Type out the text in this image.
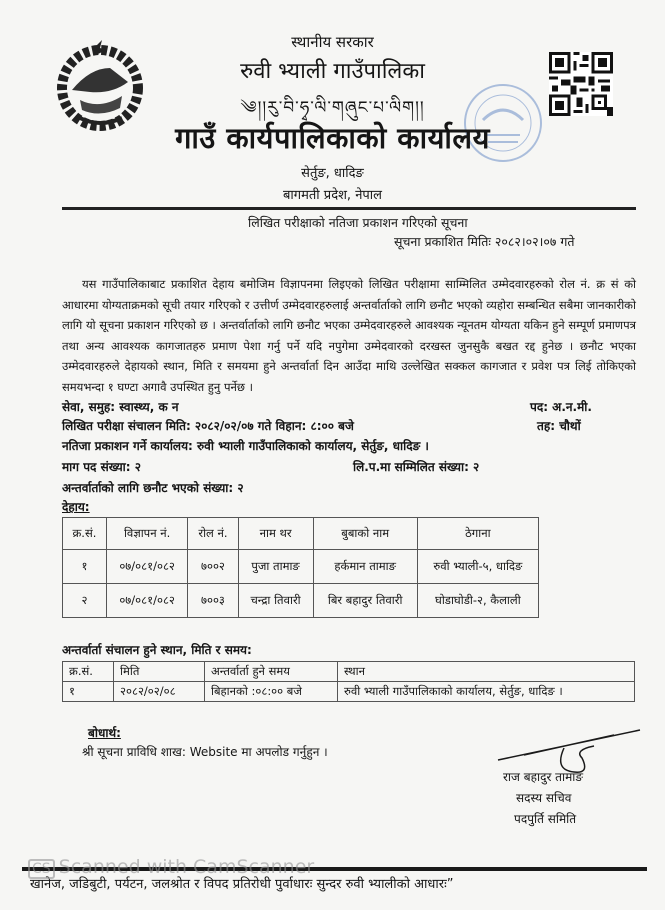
स्थानीय सरकार
रुवी भ्याली गाउँपालिका
༄།།རུ་བི་ཧྭ་ལི་གཞུང་པ་ལིག།།
गाउँ कार्यपालिकाको कार्यालय
सेर्तुङ, धादिङ
बागमती प्रदेश, नेपाल
लिखित परीक्षाको नतिजा प्रकाशन गरिएको सूचना
सूचना प्रकाशित मितिः २०८२।०२।०७ गते
यस गाउँपालिकाबाट प्रकाशित देहाय बमोजिम विज्ञापनमा लिइएको लिखित परीक्षामा साम्मिलित उम्मेदवारहरुको रोल नं. क्र सं को आधारमा योग्यताक्रमको सूची तयार गरिएको र उत्तीर्ण उम्मेदवारहरुलाई अन्तर्वार्ताको लागि छनौट भएको व्यहोरा सम्बन्धित सबैमा जानकारीको लागि यो सूचना प्रकाशन गरिएको छ । अन्तर्वार्ताको लागि छनौट भएका उम्मेदवारहरुले आवश्यक न्यूनतम योग्यता यकिन हुने सम्पूर्ण प्रमाणपत्र तथा अन्य आवश्यक कागजातहरु प्रमाण पेशा गर्नु पर्ने यदि नपुगेमा उम्मेदवारको दरखस्त जुनसुकै बखत रद्द हुनेछ । छनौट भएका उम्मेदवारहरुले देहायको स्थान, मिति र समयमा हुने अन्तर्वार्ता दिन आउँदा माथि उल्लेखित सक्कल कागजात र प्रवेश पत्र लिई तोकिएको समयभन्दा १ घण्टा अगावै उपस्थित हुनु पर्नेछ ।
सेवा, समुह: स्वास्थ्य, क न	पद: अ.न.मी.
लिखित परीक्षा संचालन मिति: २०८२/०२/०७ गते विहान: ८:०० बजे	तह: चौथों
नतिजा प्रकाशन गर्ने कार्यालय: रुवी भ्याली गाउँपालिकाको कार्यालय, सेर्तुङ, धादिङ ।
माग पद संख्या: २	लि.प.मा सम्मिलित संख्या: २
अन्तर्वार्ताको लागि छनौट भएको संख्या: २
देहाय:
क्र.सं.	विज्ञापन नं.	रोल नं.	नाम थर	बुबाको नाम	ठेगाना
१	०७/०८१/०८२	७००२	पुजा तामाङ	हर्कमान तामाङ	रुवी भ्याली-५, धादिङ
२	०७/०८१/०८२	७००३	चन्द्रा तिवारी	बिर बहादुर तिवारी	घोडाघोडी-२, कैलाली
अन्तर्वार्ता संचालन हुने स्थान, मिति र समय:
क्र.सं.	मिति	अन्तर्वार्ता हुने समय	स्थान
१	२०८२/०२/०८	बिहानको :०८:०० बजे	रुवी भ्याली गाउँपालिकाको कार्यालय, सेर्तुङ, धादिङ ।
बोधार्थ:
श्री सूचना प्राविधि शाख: Website मा अपलोड गर्नुहुन ।
राज बहादुर तामाङ
सदस्य सचिव
पदपुर्ति समिति
खानेज, जडिबुटी, पर्यटन, जलश्रोत र विपद प्रतिरोधी पुर्वाधारः सुन्दर रुवी भ्यालीको आधारः”
CS Scanned with CamScanner
